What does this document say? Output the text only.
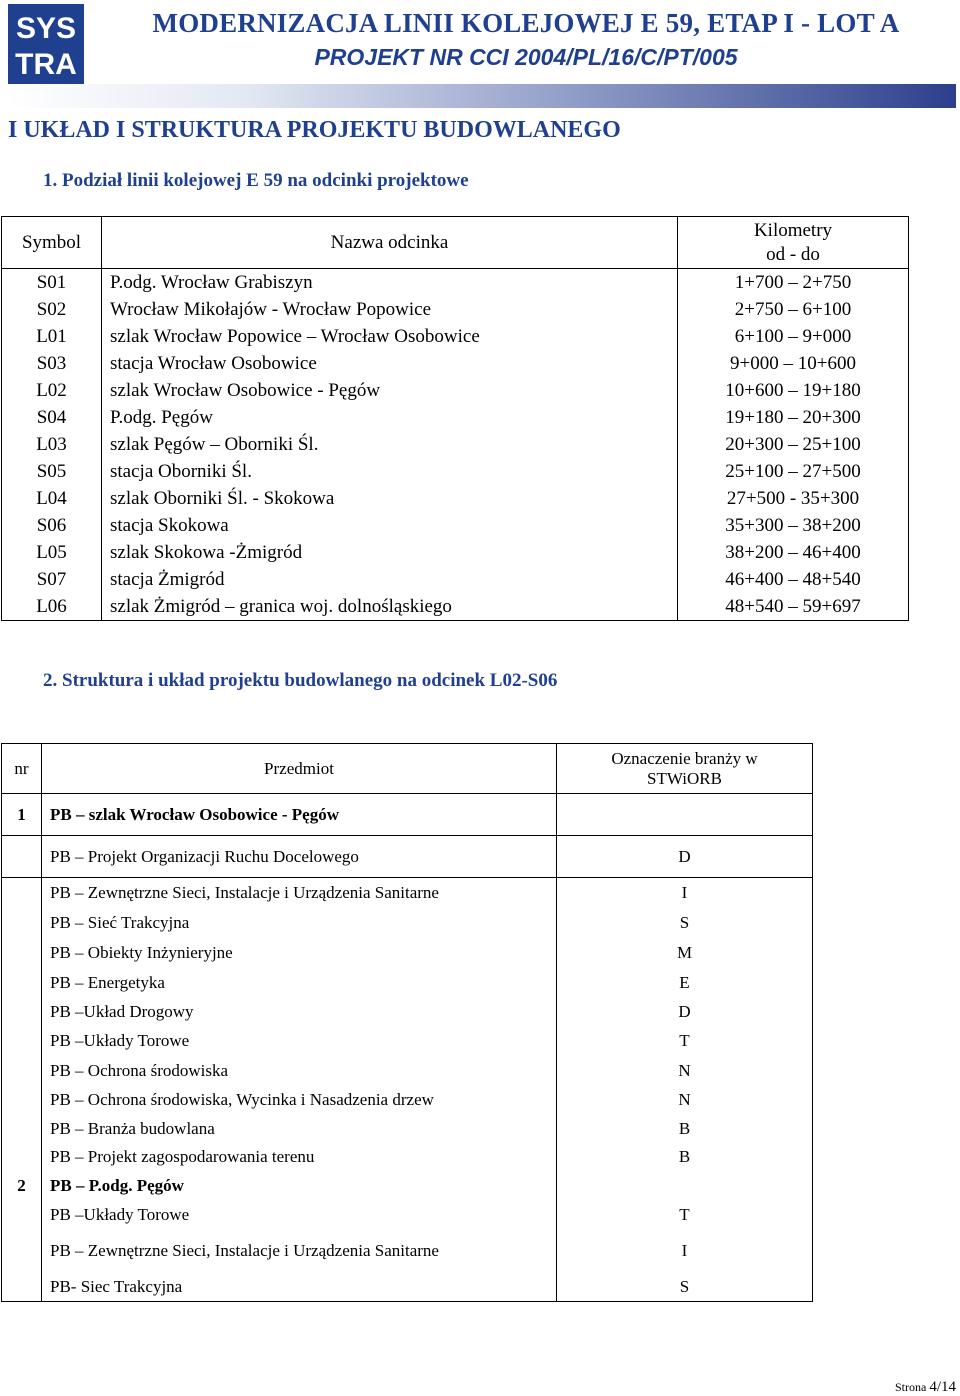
SYS
TRA
MODERNIZACJA LINII KOLEJOWEJ E 59, ETAP I - LOT A
PROJEKT NR CCI 2004/PL/16/C/PT/005
I UKŁAD I STRUKTURA PROJEKTU BUDOWLANEGO
1. Podział linii kolejowej E 59 na odcinki projektowe
Symbol	Nazwa odcinka	Kilometry
od - do

S01	P.odg. Wrocław Grabiszyn	1+700 – 2+750
S02	Wrocław Mikołajów - Wrocław Popowice	2+750 – 6+100
L01	szlak Wrocław Popowice – Wrocław Osobowice	6+100 – 9+000
S03	stacja Wrocław Osobowice	9+000 – 10+600
L02	szlak Wrocław Osobowice - Pęgów	10+600 – 19+180
S04	P.odg. Pęgów	19+180 – 20+300
L03	szlak Pęgów – Oborniki Śl.	20+300 – 25+100
S05	stacja Oborniki Śl.	25+100 – 27+500
L04	szlak Oborniki Śl. - Skokowa	27+500 - 35+300
S06	stacja Skokowa	35+300 – 38+200
L05	szlak Skokowa -Żmigród	38+200 – 46+400
S07	stacja Żmigród	46+400 – 48+540
L06	szlak Żmigród – granica woj. dolnośląskiego	48+540 – 59+697
2. Struktura i układ projektu budowlanego na odcinek L02-S06
nr	Przedmiot	Oznaczenie branży w
STWiORB

1	PB – szlak Wrocław Osobowice - Pęgów	
	PB – Projekt Organizacji Ruchu Docelowego	D
	PB – Zewnętrzne Sieci, Instalacje i Urządzenia Sanitarne	I
	PB – Sieć Trakcyjna	S
	PB – Obiekty Inżynieryjne	M
	PB – Energetyka	E
	PB –Układ Drogowy	D
	PB –Układy Torowe	T
	PB – Ochrona środowiska	N
	PB – Ochrona środowiska, Wycinka i Nasadzenia drzew	N
	PB – Branża budowlana	B
	PB – Projekt zagospodarowania terenu	B
2	PB – P.odg. Pęgów	
	PB –Układy Torowe	T
	PB – Zewnętrzne Sieci, Instalacje i Urządzenia Sanitarne	I
	PB- Siec Trakcyjna	S
Strona 4/14
